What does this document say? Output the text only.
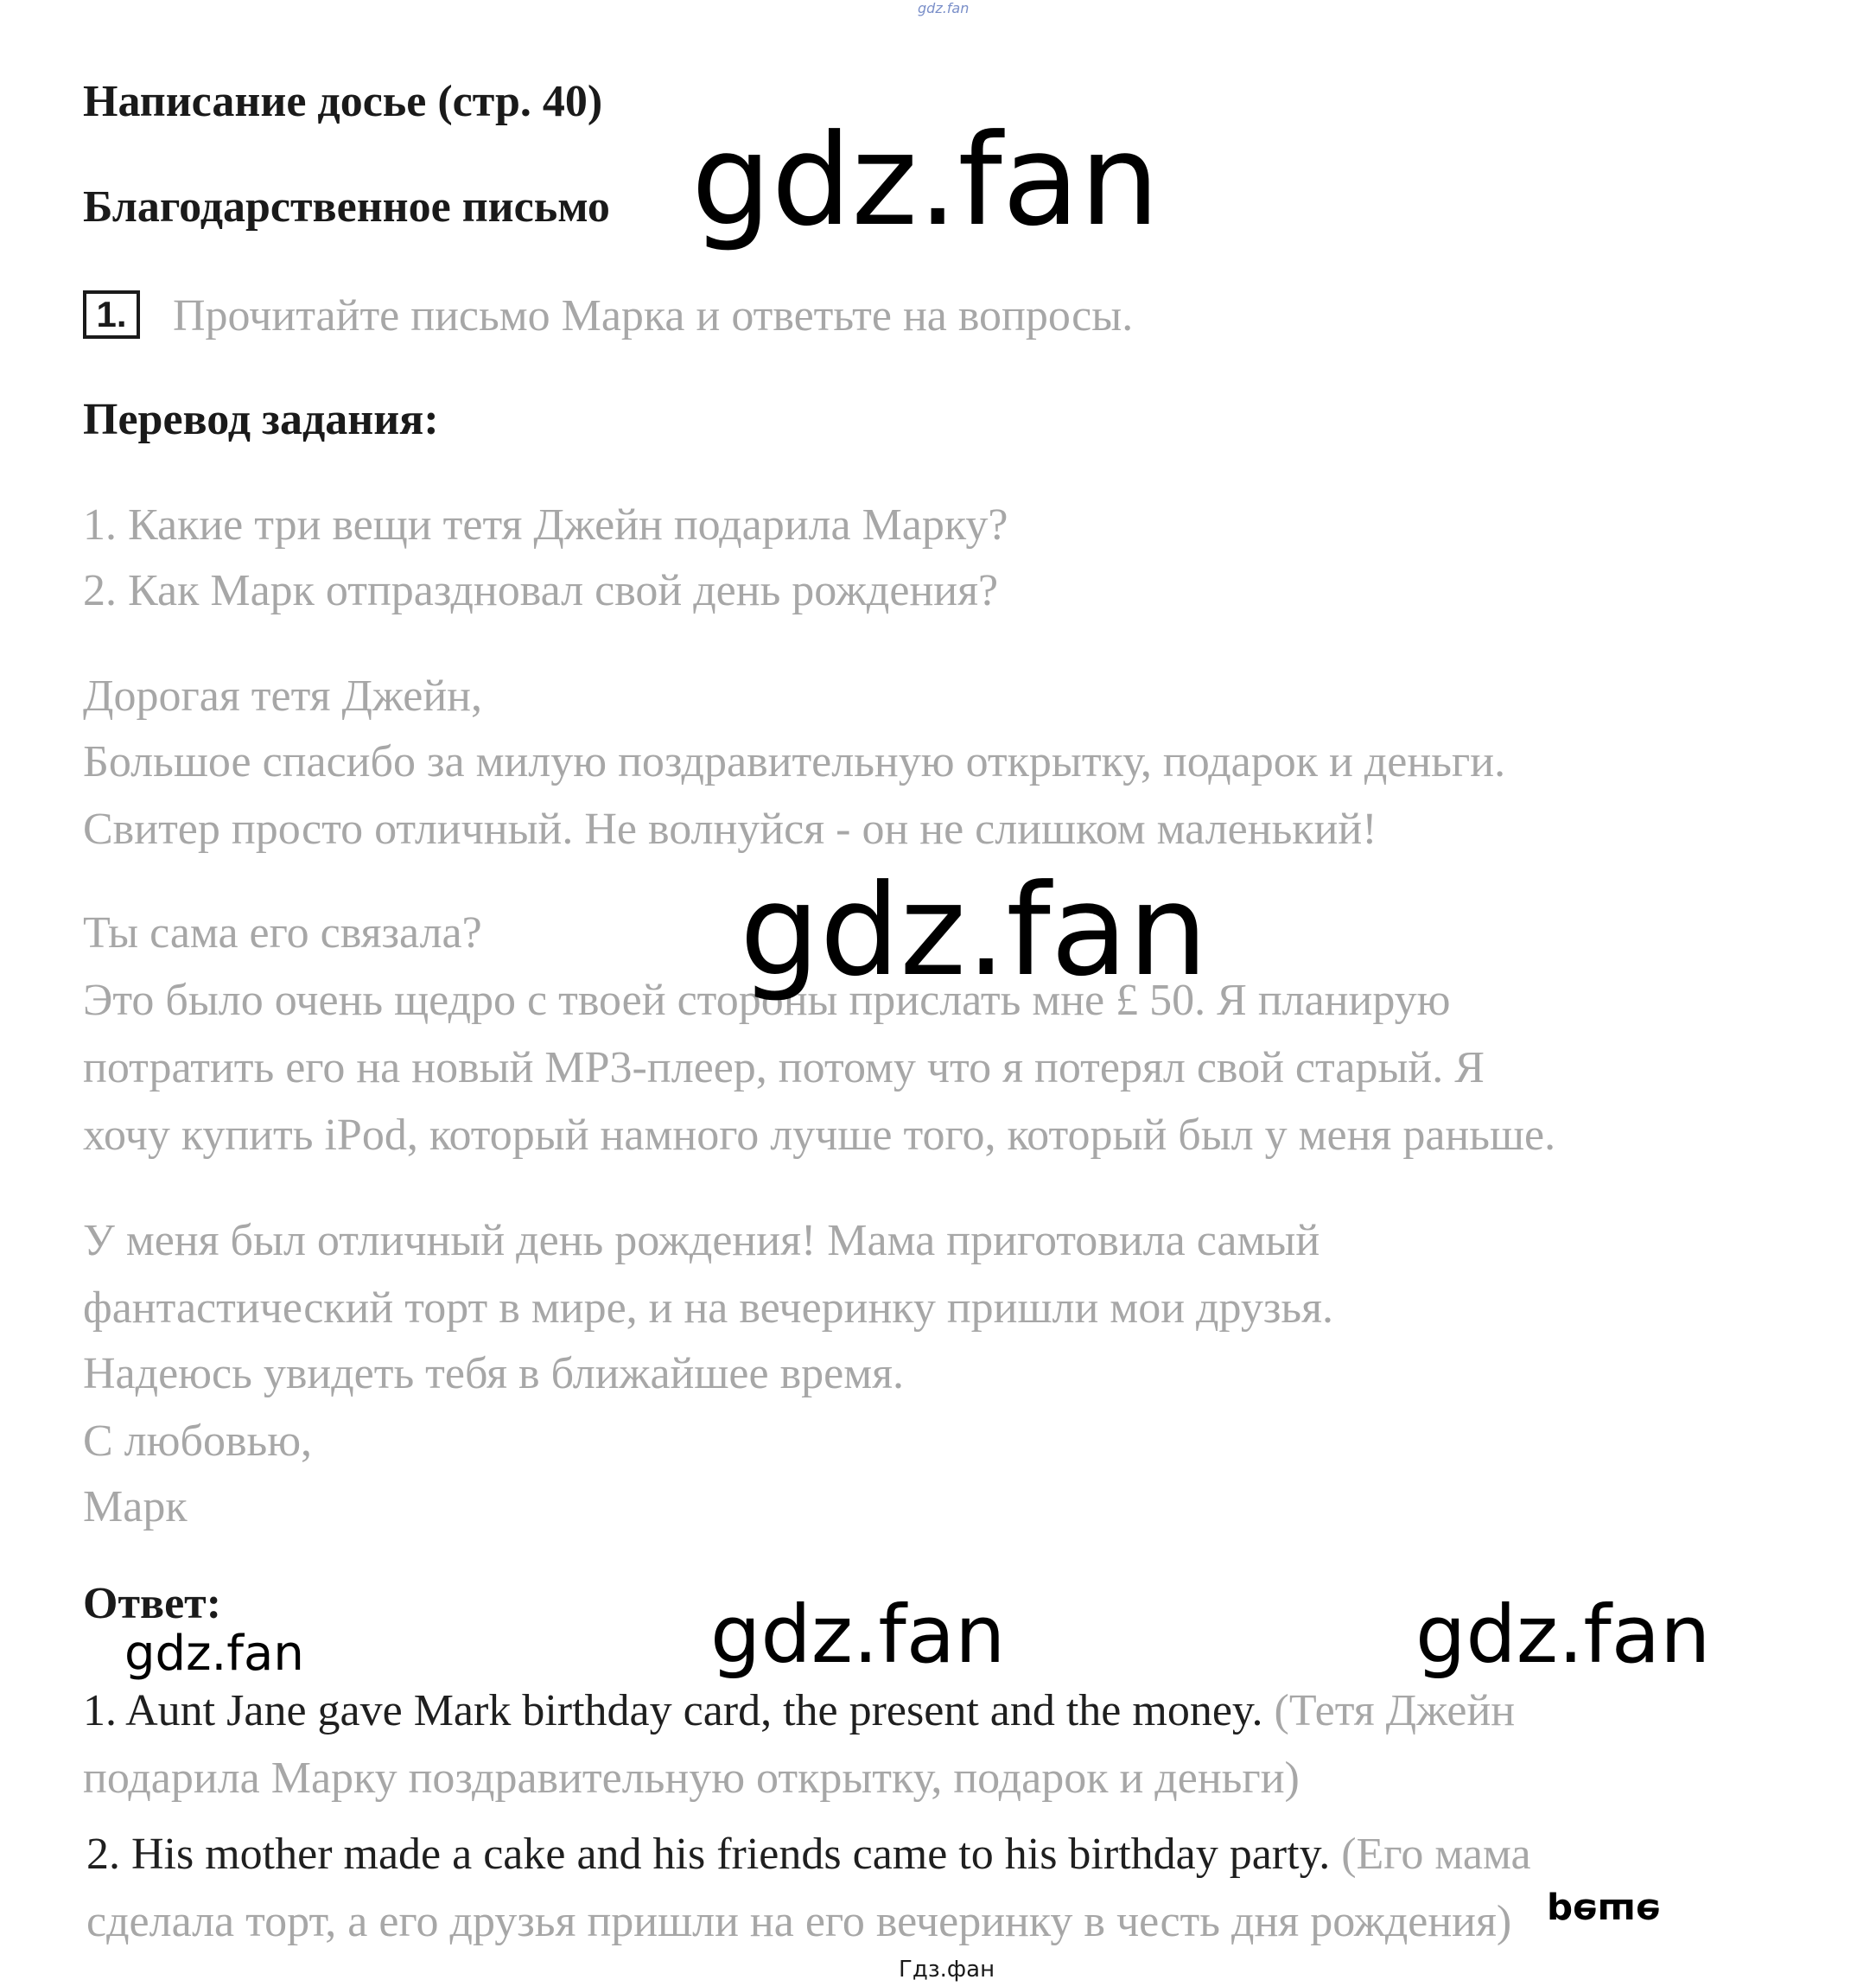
gdz.fan
Написание досье (стр. 40)
Благодарственное письмо gdz.fan
1. Прочитайте письмо Марка и ответьте на вопросы.
Перевод задания:
1. Какие три вещи тетя Джейн подарила Марку?
2. Как Марк отпраздновал свой день рождения?
Дорогая тетя Джейн,
Большое спасибо за милую поздравительную открытку, подарок и деньги.
Свитер просто отличный. Не волнуйся - он не слишком маленький!
Ты сама его связала?
Это было очень щедро с твоей стороны прислать мне £ 50. Я планирую
потратить его на новый MP3-плеер, потому что я потерял свой старый. Я
хочу купить iPod, который намного лучше того, который был у меня раньше.
gdz.fan
У меня был отличный день рождения! Мама приготовила самый
фантастический торт в мире, и на вечеринку пришли мои друзья.
Надеюсь увидеть тебя в ближайшее время.
С любовью,
Марк
Ответ:
gdz.fan	gdz.fan	gdz.fan
1. Aunt Jane gave Mark birthday card, the present and the money. (Тетя Джейн
подарила Марку поздравительную открытку, подарок и деньги)
2. His mother made a cake and his friends came to his birthday party. (Его мама
сделала торт, а его друзья пришли на его вечеринку в честь дня рождения) реше
Гдз.фан
